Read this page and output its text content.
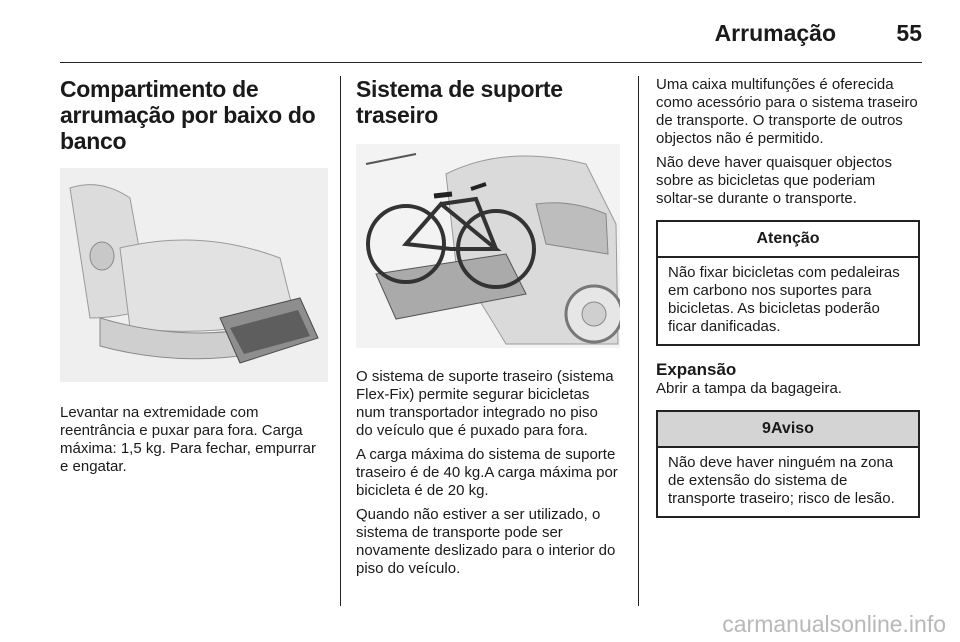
Arrumação	55
Compartimento de arrumação por baixo do banco

Levantar na extremidade com reentrância e puxar para fora. Carga máxima: 1,5 kg. Para fechar, empurrar e engatar.

Sistema de suporte traseiro

O sistema de suporte traseiro (sistema Flex-Fix) permite segurar bicicletas num transportador integrado no piso do veículo que é puxado para fora.

A carga máxima do sistema de suporte traseiro é de 40 kg.A carga máxima por bicicleta é de 20 kg.

Quando não estiver a ser utilizado, o sistema de transporte pode ser novamente deslizado para o interior do piso do veículo.

Uma caixa multifunções é oferecida como acessório para o sistema traseiro de transporte. O transporte de outros objectos não é permitido.

Não deve haver quaisquer objectos sobre as bicicletas que poderiam soltar-se durante o transporte.

Atenção
Não fixar bicicletas com pedaleiras em carbono nos suportes para bicicletas. As bicicletas poderão ficar danificadas.
Expansão

Abrir a tampa da bagageira.

9Aviso
Não deve haver ninguém na zona de extensão do sistema de transporte traseiro; risco de lesão.
carmanualsonline.info
